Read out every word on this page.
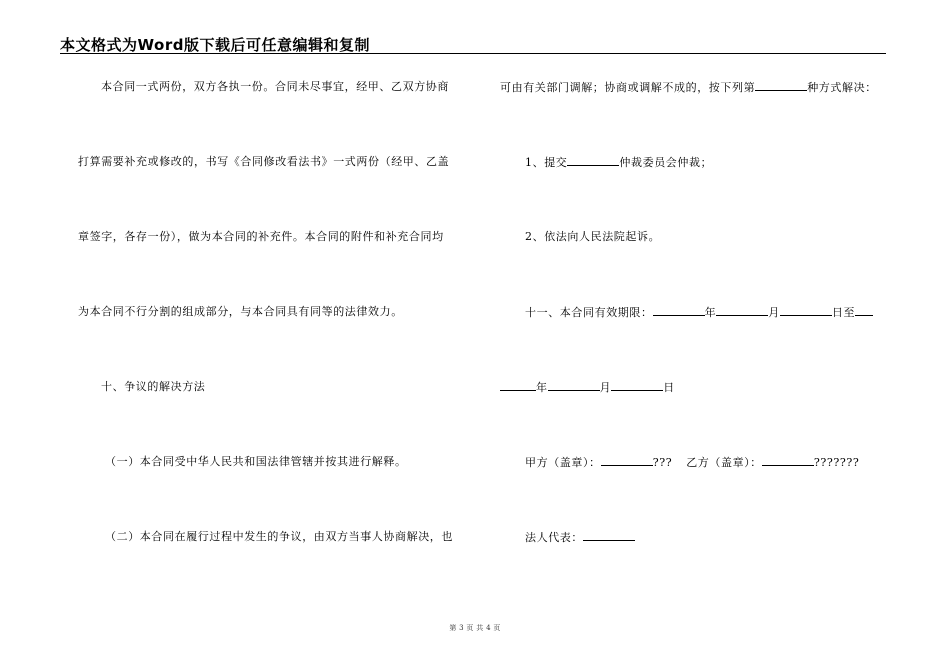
本文格式为Word版下载后可任意编辑和复制
本合同一式两份，双方各执一份。合同未尽事宜，经甲、乙双方协商
打算需要补充或修改的，书写《合同修改看法书》一式两份（经甲、乙盖
章签字，各存一份），做为本合同的补充件。本合同的附件和补充合同均
为本合同不行分割的组成部分，与本合同具有同等的法律效力。
十、争议的解决方法
（一）本合同受中华人民共和国法律管辖并按其进行解释。
（二）本合同在履行过程中发生的争议，由双方当事人协商解决，也
可由有关部门调解；协商或调解不成的，按下列第	种方式解决：
1、提交	仲裁委员会仲裁；
2、依法向人民法院起诉。
十一、本合同有效期限：	年	月	日至
年	月	日
甲方（盖章）：	??? 乙方（盖章）：	???????
法人代表：
第 3 页 共 4 页
